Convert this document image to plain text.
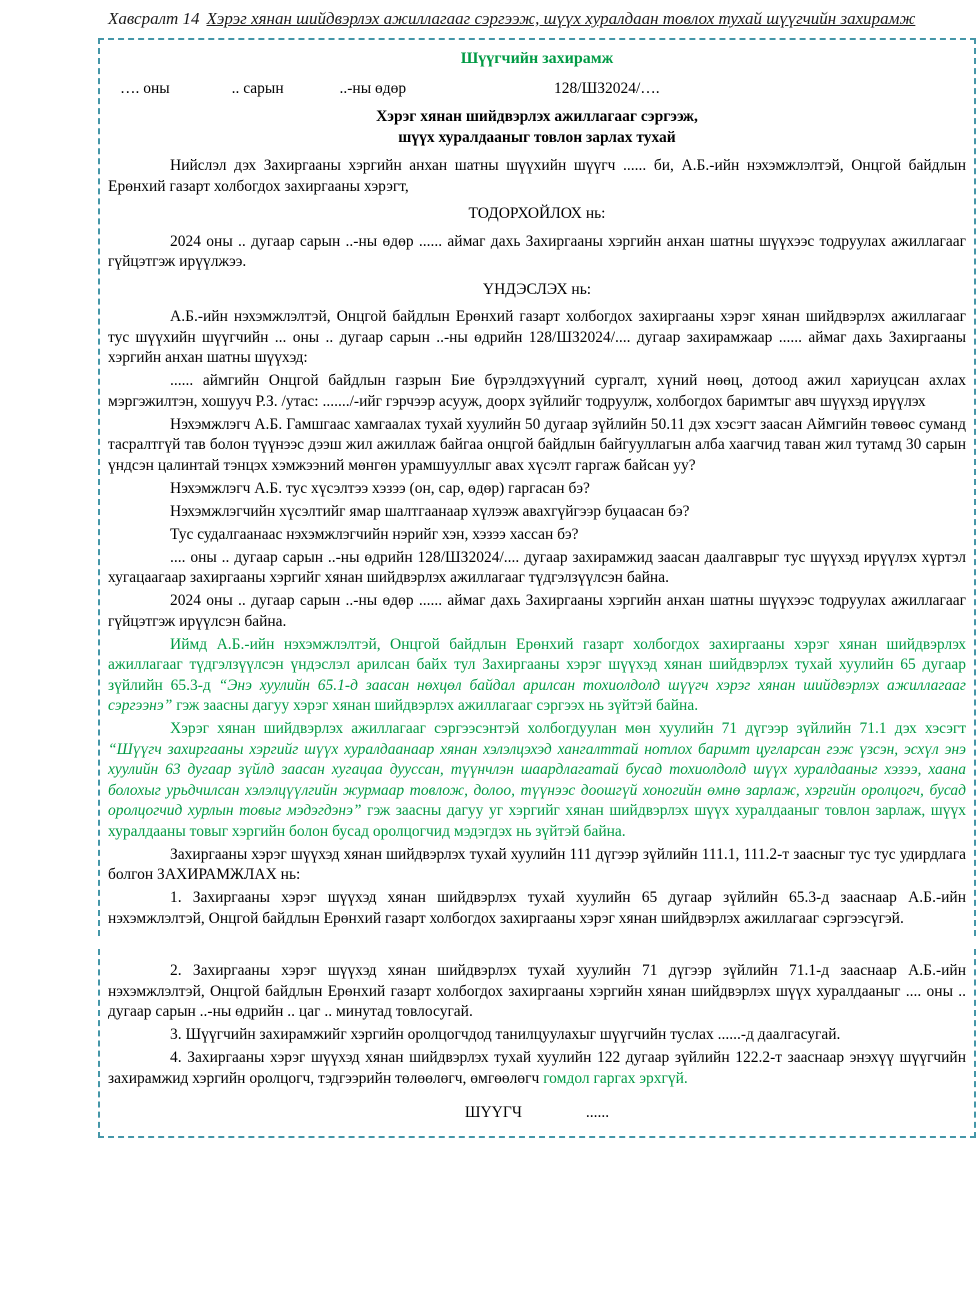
Хавсралт 14 Хэрэг хянан шийдвэрлэх ажиллагааг сэргээж, шүүх хуралдаан товлох тухай шүүгчийн захирамж
Шүүгчийн захирамж
…. оны	.. сарын	..-ны өдөр	128/ШЗ2024/….
Хэрэг хянан шийдвэрлэх ажиллагааг сэргээж,
шүүх хуралдааныг товлон зарлах тухай

Нийслэл дэх Захиргааны хэргийн анхан шатны шүүхийн шүүгч ...... би, А.Б.-ийн нэхэмжлэлтэй, Онцгой байдлын Ерөнхий газарт холбогдох захиргааны хэрэгт,

ТОДОРХОЙЛОХ нь:

2024 оны .. дугаар сарын ..-ны өдөр ...... аймаг дахь Захиргааны хэргийн анхан шатны шүүхээс тодруулах ажиллагааг гүйцэтгэж ирүүлжээ.

ҮНДЭСЛЭХ нь:

А.Б.-ийн нэхэмжлэлтэй, Онцгой байдлын Ерөнхий газарт холбогдох захиргааны хэрэг хянан шийдвэрлэх ажиллагааг тус шүүхийн шүүгчийн ... оны .. дугаар сарын ..-ны өдрийн 128/ШЗ2024/.... дугаар захирамжаар ...... аймаг дахь Захиргааны хэргийн анхан шатны шүүхэд:

...... аймгийн Онцгой байдлын газрын Бие бүрэлдэхүүний сургалт, хүний нөөц, дотоод ажил хариуцсан ахлах мэргэжилтэн, хошууч Р.З. /утас: ......./-ийг гэрчээр асууж, доорх зүйлийг тодруулж, холбогдох баримтыг авч шүүхэд ирүүлэх

Нэхэмжлэгч А.Б. Гамшгаас хамгаалах тухай хуулийн 50 дугаар зүйлийн 50.11 дэх хэсэгт заасан Аймгийн төвөөс суманд тасралтгүй тав болон түүнээс дээш жил ажиллаж байгаа онцгой байдлын байгууллагын алба хаагчид таван жил тутамд 30 сарын үндсэн цалинтай тэнцэх хэмжээний мөнгөн урамшууллыг авах хүсэлт гаргаж байсан уу?

Нэхэмжлэгч А.Б. тус хүсэлтээ хэзээ (он, сар, өдөр) гаргасан бэ?

Нэхэмжлэгчийн хүсэлтийг ямар шалтгаанаар хүлээж авахгүйгээр буцаасан бэ?

Тус судалгаанаас нэхэмжлэгчийн нэрийг хэн, хэзээ хассан бэ?

.... оны .. дугаар сарын ..-ны өдрийн 128/ШЗ2024/.... дугаар захирамжид заасан даалгаврыг тус шүүхэд ирүүлэх хүртэл хугацаагаар захиргааны хэргийг хянан шийдвэрлэх ажиллагааг түдгэлзүүлсэн байна.

2024 оны .. дугаар сарын ..-ны өдөр ...... аймаг дахь Захиргааны хэргийн анхан шатны шүүхээс тодруулах ажиллагааг гүйцэтгэж ирүүлсэн байна.

Иймд А.Б.-ийн нэхэмжлэлтэй, Онцгой байдлын Ерөнхий газарт холбогдох захиргааны хэрэг хянан шийдвэрлэх ажиллагааг түдгэлзүүлсэн үндэслэл арилсан байх тул Захиргааны хэрэг шүүхэд хянан шийдвэрлэх тухай хуулийн 65 дугаар зүйлийн 65.3-д “Энэ хуулийн 65.1-д заасан нөхцөл байдал арилсан тохиолдолд шүүгч хэрэг хянан шийдвэрлэх ажиллагааг сэргээнэ” гэж заасны дагуу хэрэг хянан шийдвэрлэх ажиллагааг сэргээх нь зүйтэй байна.

Хэрэг хянан шийдвэрлэх ажиллагааг сэргээсэнтэй холбогдуулан мөн хуулийн 71 дүгээр зүйлийн 71.1 дэх хэсэгт “Шүүгч захиргааны хэргийг шүүх хуралдаанаар хянан хэлэлцэхэд хангалттай нотлох баримт цугларсан гэж үзсэн, эсхүл энэ хуулийн 63 дугаар зүйлд заасан хугацаа дууссан, түүнчлэн шаардлагатай бусад тохиолдолд шүүх хуралдааныг хэзээ, хаана болохыг урьдчилсан хэлэлцүүлгийн журмаар товлож, долоо, түүнээс доошгүй хоногийн өмнө зарлаж, хэргийн оролцогч, бусад оролцогчид хурлын товыг мэдэгдэнэ” гэж заасны дагуу уг хэргийг хянан шийдвэрлэх шүүх хуралдааныг товлон зарлаж, шүүх хуралдааны товыг хэргийн болон бусад оролцогчид мэдэгдэх нь зүйтэй байна.

Захиргааны хэрэг шүүхэд хянан шийдвэрлэх тухай хуулийн 111 дүгээр зүйлийн 111.1, 111.2-т заасныг тус тус удирдлага болгон ЗАХИРАМЖЛАХ нь:

1. Захиргааны хэрэг шүүхэд хянан шийдвэрлэх тухай хуулийн 65 дугаар зүйлийн 65.3-д зааснаар А.Б.-ийн нэхэмжлэлтэй, Онцгой байдлын Ерөнхий газарт холбогдох захиргааны хэрэг хянан шийдвэрлэх ажиллагааг сэргээсүгэй.

2. Захиргааны хэрэг шүүхэд хянан шийдвэрлэх тухай хуулийн 71 дүгээр зүйлийн 71.1-д зааснаар А.Б.-ийн нэхэмжлэлтэй, Онцгой байдлын Ерөнхий газарт холбогдох захиргааны хэргийн хянан шийдвэрлэх шүүх хуралдааныг .... оны .. дугаар сарын ..-ны өдрийн .. цаг .. минутад товлосугай.

3. Шүүгчийн захирамжийг хэргийн оролцогчдод танилцуулахыг шүүгчийн туслах ......-д даалгасугай.

4. Захиргааны хэрэг шүүхэд хянан шийдвэрлэх тухай хуулийн 122 дугаар зүйлийн 122.2-т зааснаар энэхүү шүүгчийн захирамжид хэргийн оролцогч, тэдгээрийн төлөөлөгч, өмгөөлөгч гомдол гаргах эрхгүй.

ШҮҮГЧ	......
